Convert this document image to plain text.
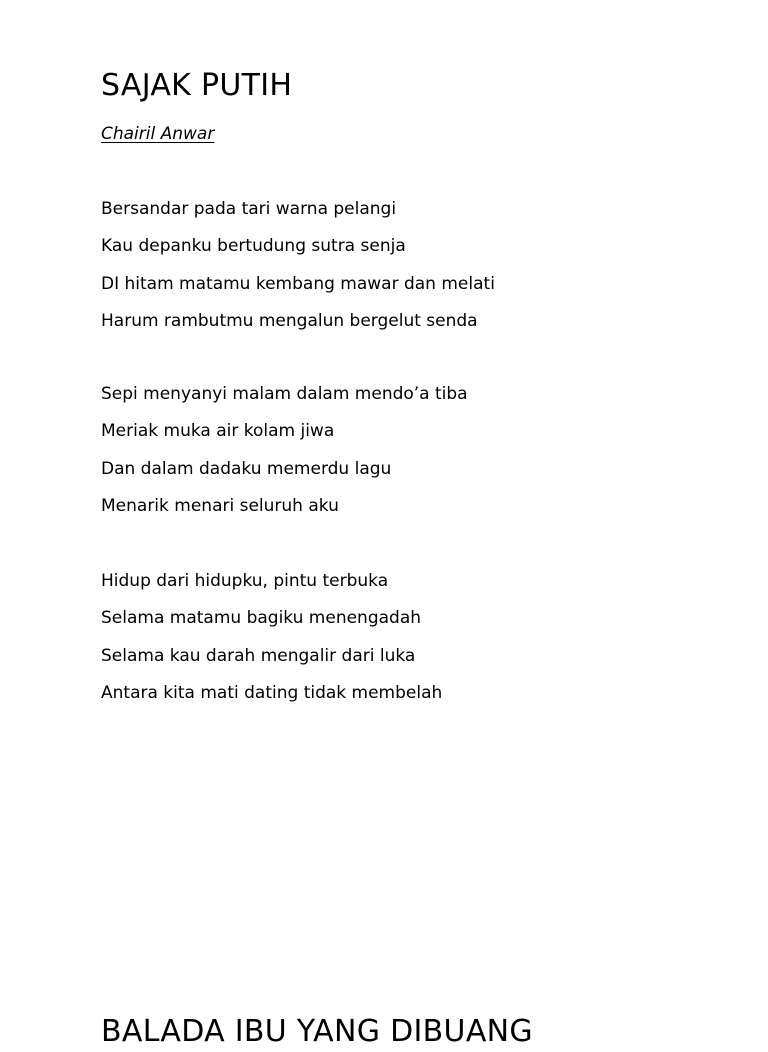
SAJAK PUTIH
Chairil Anwar
Bersandar pada tari warna pelangi
Kau depanku bertudung sutra senja
DI hitam matamu kembang mawar dan melati
Harum rambutmu mengalun bergelut senda
Sepi menyanyi malam dalam mendo’a tiba
Meriak muka air kolam jiwa
Dan dalam dadaku memerdu lagu
Menarik menari seluruh aku
Hidup dari hidupku, pintu terbuka
Selama matamu bagiku menengadah
Selama kau darah mengalir dari luka
Antara kita mati dating tidak membelah
BALADA IBU YANG DIBUANG
